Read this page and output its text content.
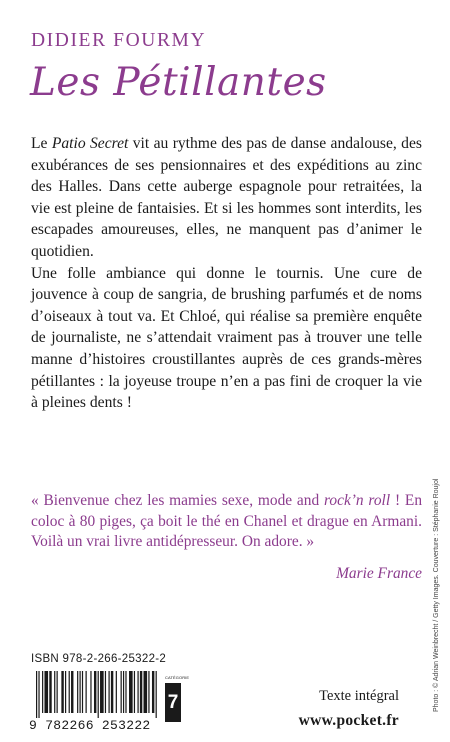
DIDIER FOURMY
Les Pétillantes

Le Patio Secret vit au rythme des pas de danse andalouse, des exubérances de ses pensionnaires et des expéditions au zinc des Halles. Dans cette auberge espagnole pour retraitées, la vie est pleine de fantaisies. Et si les hommes sont interdits, les escapades amoureuses, elles, ne manquent pas d’animer le quotidien.

Une folle ambiance qui donne le tournis. Une cure de jouvence à coup de sangria, de brushing parfumés et de noms d’oiseaux à tout va. Et Chloé, qui réalise sa première enquête de journaliste, ne s’attendait vraiment pas à trouver une telle manne d’histoires croustillantes auprès de ces grands-mères pétillantes : la joyeuse troupe n’en a pas fini de croquer la vie à pleines dents !

« Bienvenue chez les mamies sexe, mode and rock’n roll ! En coloc à 80 piges, ça boit le thé en Chanel et drague en Armani. Voilà un vrai livre antidépresseur. On adore. »
Marie France Photo : © Adrian Weinbrecht / Getty Images. Couverture : Stéphanie Roujol
ISBN 978-2-266-25322-2
9 782266 253222
CATÉGORIE
7	Texte intégral
www.pocket.fr
